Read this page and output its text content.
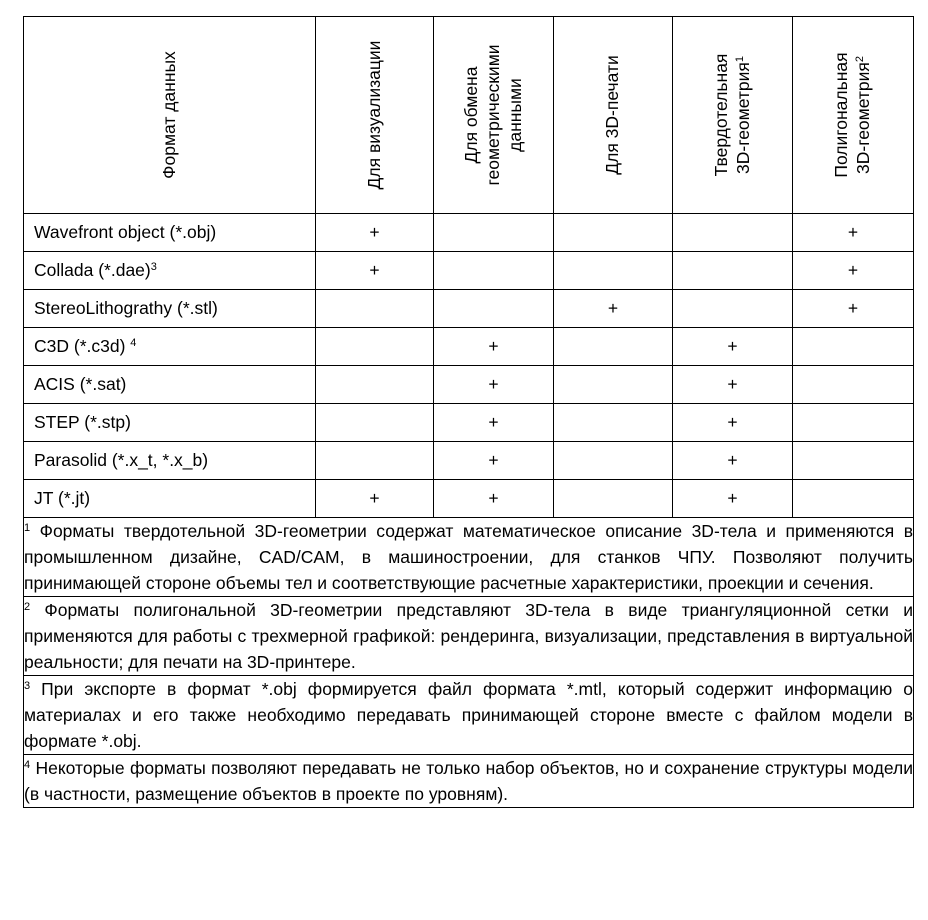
Формат данных	Для визуализации	Для обмена геометрическими данными	Для 3D-печати	Твердотельная 3D-геометрия$^1$	Полигональная 3D-геометрия$^2$

Wavefront object (*.obj)	+				+
Collada $(*.dae)^3$	+				+
StereoLithograthy (*.stl)			+		+
C3D (*.c3d) $^4$		+		+	
ACIS (*.sat)		+		+	
STEP (*.stp)		+		+	
Parasolid (*.x_t, *.x_b)		+		+	
JT (*.jt)	+	+		+	
$^1$ Форматы твердотельной 3D-геометрии содержат математическое описание 3D-тела и применяются в промышленном дизайне, CAD/CAM, в машиностроении, для станков ЧПУ. Позволяют получить принимающей стороне объемы тел и соответствующие расчетные характеристики, проекции и сечения.					
$^2$ Форматы полигональной 3D-геометрии представляют 3D-тела в виде триангуляционной сетки и применяются для работы с трехмерной графикой: рендеринга, визуализации, представления в виртуальной реальности; для печати на 3D-принтере.					
$^3$ При экспорте в формат *.obj формируется файл формата *.mtl, который содержит информацию о материалах и его также необходимо передавать принимающей стороне вместе с файлом модели в формате *.obj.					
$^4$ Некоторые форматы позволяют передавать не только набор объектов, но и сохранение структуры модели (в частности, размещение объектов в проекте по уровням).					
